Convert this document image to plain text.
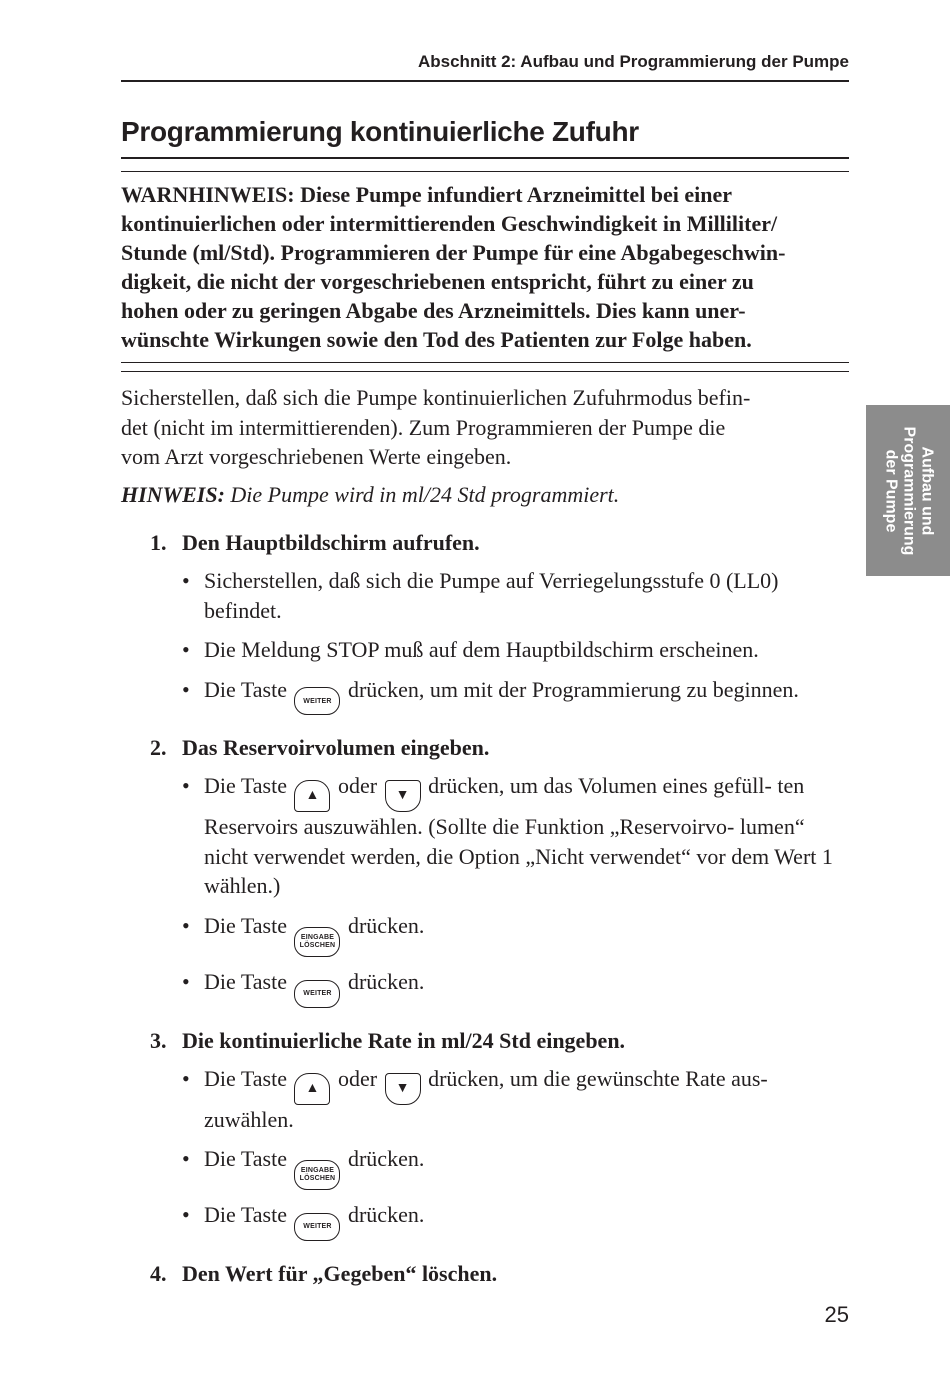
Abschnitt 2: Aufbau und Programmierung der Pumpe
Programmierung kontinuierliche Zufuhr

WARNHINWEIS: Diese Pumpe infundiert Arzneimittel bei einer
kontinuierlichen oder intermittierenden Geschwindigkeit in Milliliter/
Stunde (ml/Std). Programmieren der Pumpe für eine Abgabegeschwin-
digkeit, die nicht der vorgeschriebenen entspricht, führt zu einer zu
hohen oder zu geringen Abgabe des Arzneimittels. Dies kann uner-
wünschte Wirkungen sowie den Tod des Patienten zur Folge haben.

Sicherstellen, daß sich die Pumpe kontinuierlichen Zufuhrmodus befin-
det (nicht im intermittierenden). Zum Programmieren der Pumpe die
vom Arzt vorgeschriebenen Werte eingeben.

HINWEIS: Die Pumpe wird in ml/24 Std programmiert.

1. Den Hauptbildschirm aufrufen.
• Sicherstellen, daß sich die Pumpe auf Verriegelungsstufe 0 (LL0) befindet.
• Die Meldung STOP muß auf dem Hauptbildschirm erscheinen.
• Die Taste WEITER drücken, um mit der Programmierung zu beginnen.
2. Das Reservoirvolumen eingeben.
• Die Taste ▲ oder ▼ drücken, um das Volumen eines gefüll- ten Reservoirs auszuwählen. (Sollte die Funktion „Reservoirvo- lumen“ nicht verwendet werden, die Option „Nicht verwendet“ vor dem Wert 1 wählen.)
• Die Taste EINGABE
LÖSCHEN
drücken.
• Die Taste WEITER drücken.
3. Die kontinuierliche Rate in ml/24 Std eingeben.
• Die Taste ▲ oder ▼ drücken, um die gewünschte Rate aus- zuwählen.
• Die Taste EINGABE
LÖSCHEN
drücken.
• Die Taste WEITER drücken.
4. Den Wert für „Gegeben“ löschen.
Aufbau und
Programmierung
der Pumpe
25
